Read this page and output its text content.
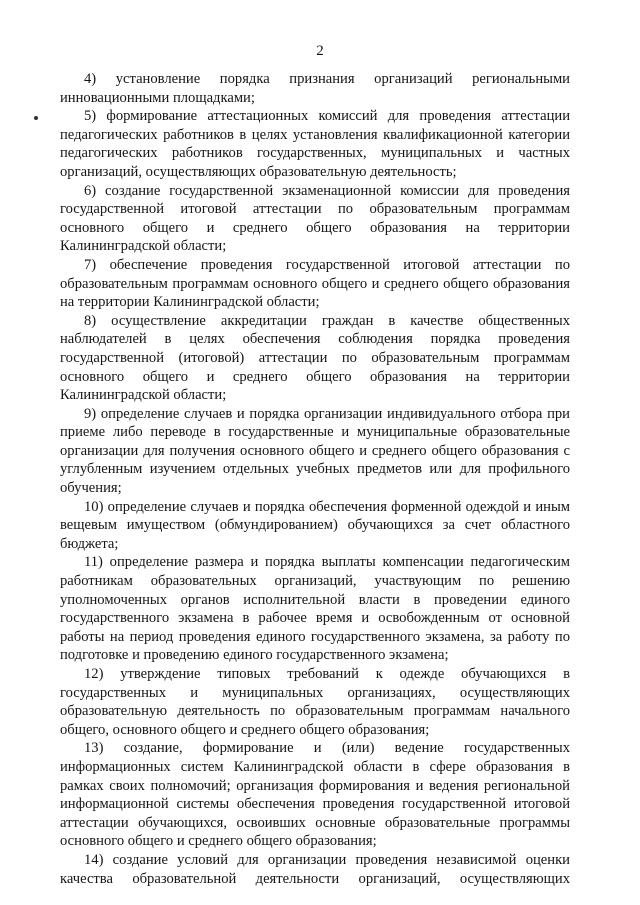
2

4) установление порядка признания организаций региональными инновационными площадками;

5) формирование аттестационных комиссий для проведения аттестации педагогических работников в целях установления квалификационной категории педагогических работников государственных, муниципальных и частных организаций, осуществляющих образовательную деятельность;

6) создание государственной экзаменационной комиссии для проведения государственной итоговой аттестации по образовательным программам основного общего и среднего общего образования на территории Калининградской области;

7) обеспечение проведения государственной итоговой аттестации по образовательным программам основного общего и среднего общего образования на территории Калининградской области;

8) осуществление аккредитации граждан в качестве общественных наблюдателей в целях обеспечения соблюдения порядка проведения государственной (итоговой) аттестации по образовательным программам основного общего и среднего общего образования на территории Калининградской области;

9) определение случаев и порядка организации индивидуального отбора при приеме либо переводе в государственные и муниципальные образовательные организации для получения основного общего и среднего общего образования с углубленным изучением отдельных учебных предметов или для профильного обучения;

10) определение случаев и порядка обеспечения форменной одеждой и иным вещевым имуществом (обмундированием) обучающихся за счет областного бюджета;

11) определение размера и порядка выплаты компенсации педагогическим работникам образовательных организаций, участвующим по решению уполномоченных органов исполнительной власти в проведении единого государственного экзамена в рабочее время и освобожденным от основной работы на период проведения единого государственного экзамена, за работу по подготовке и проведению единого государственного экзамена;

12) утверждение типовых требований к одежде обучающихся в государственных и муниципальных организациях, осуществляющих образовательную деятельность по образовательным программам начального общего, основного общего и среднего общего образования;

13) создание, формирование и (или) ведение государственных информационных систем Калининградской области в сфере образования в рамках своих полномочий; организация формирования и ведения региональной информационной системы обеспечения проведения государственной итоговой аттестации обучающихся, освоивших основные образовательные программы основного общего и среднего общего образования;

14) создание условий для организации проведения независимой оценки качества образовательной деятельности организаций, осуществляющих
